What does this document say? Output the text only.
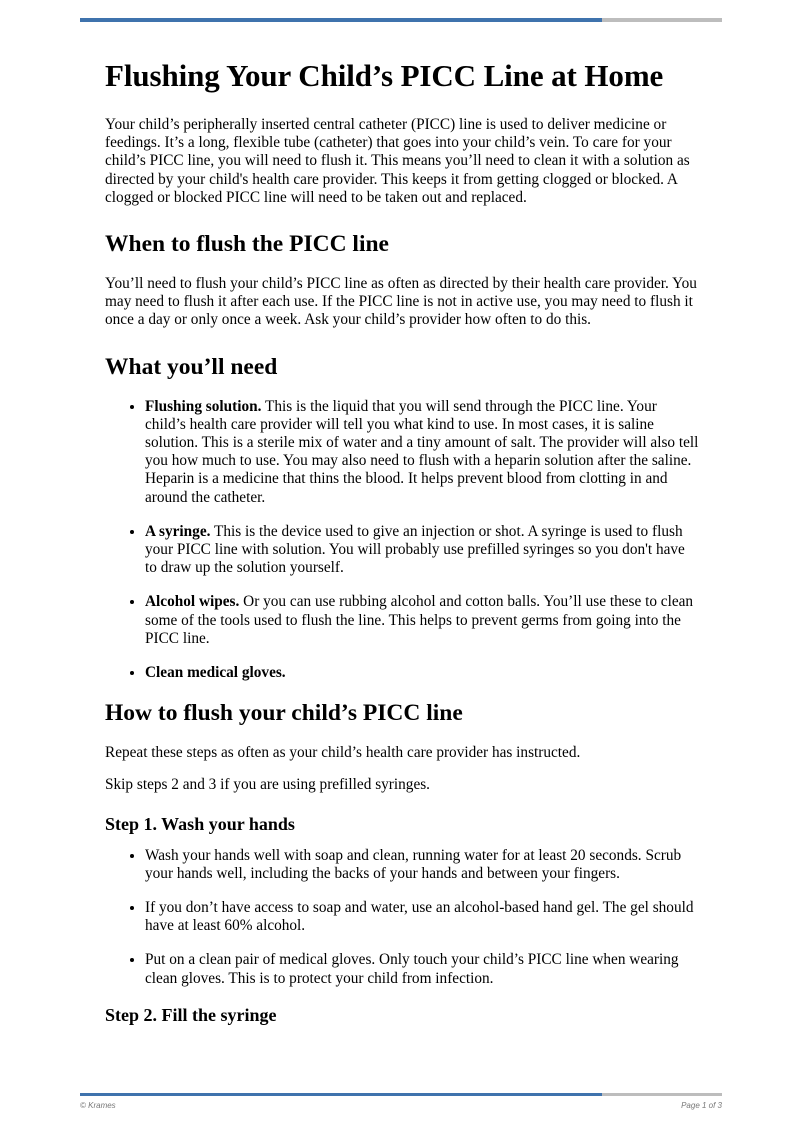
Flushing Your Child’s PICC Line at Home

Your child’s peripherally inserted central catheter (PICC) line is used to deliver medicine or feedings. It’s a long, flexible tube (catheter) that goes into your child’s vein. To care for your child’s PICC line, you will need to flush it. This means you’ll need to clean it with a solution as directed by your child's health care provider. This keeps it from getting clogged or blocked. A clogged or blocked PICC line will need to be taken out and replaced.

When to flush the PICC line

You’ll need to flush your child’s PICC line as often as directed by their health care provider. You may need to flush it after each use. If the PICC line is not in active use, you may need to flush it once a day or only once a week. Ask your child’s provider how often to do this.

What you’ll need
• Flushing solution. This is the liquid that you will send through the PICC line. Your child’s health care provider will tell you what kind to use. In most cases, it is saline solution. This is a sterile mix of water and a tiny amount of salt. The provider will also tell you how much to use. You may also need to flush with a heparin solution after the saline. Heparin is a medicine that thins the blood. It helps prevent blood from clotting in and around the catheter.
• A syringe. This is the device used to give an injection or shot. A syringe is used to flush your PICC line with solution. You will probably use prefilled syringes so you don't have to draw up the solution yourself.
• Alcohol wipes. Or you can use rubbing alcohol and cotton balls. You’ll use these to clean some of the tools used to flush the line. This helps to prevent germs from going into the PICC line.
• Clean medical gloves.
How to flush your child’s PICC line

Repeat these steps as often as your child’s health care provider has instructed.

Skip steps 2 and 3 if you are using prefilled syringes.

Step 1. Wash your hands
• Wash your hands well with soap and clean, running water for at least 20 seconds. Scrub your hands well, including the backs of your hands and between your fingers.
• If you don’t have access to soap and water, use an alcohol-based hand gel. The gel should have at least 60% alcohol.
• Put on a clean pair of medical gloves. Only touch your child’s PICC line when wearing clean gloves. This is to protect your child from infection.
Step 2. Fill the syringe
© Krames	Page 1 of 3
